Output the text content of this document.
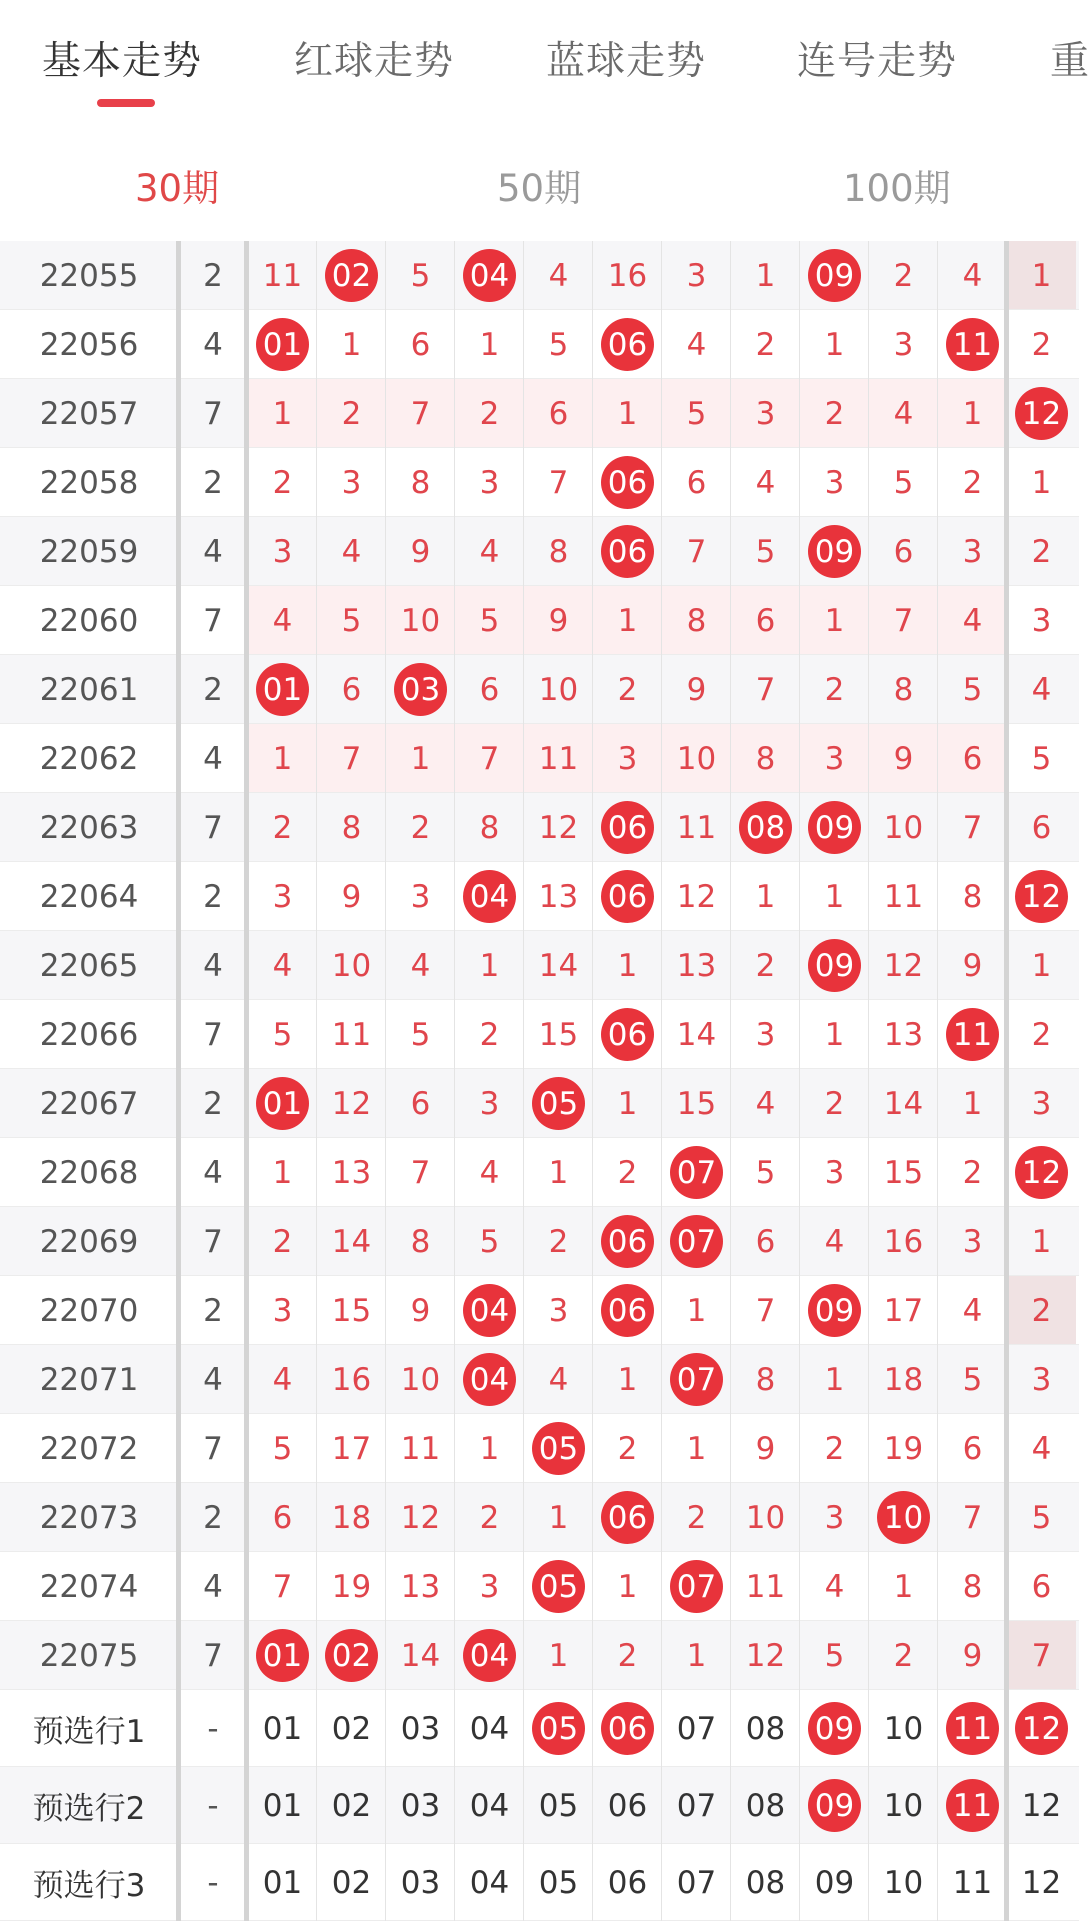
基本走势 红球走势 蓝球走势 连号走势 重
30期	50期	100期
22055	2	11 02 5 04 4 16 3 1 09 2 4 1
22056	4	01 1 6 1 5 06 4 2 1 3 11 2
22057	7	1 2 7 2 6 1 5 3 2 4 1 12
22058	2	2 3 8 3 7 06 6 4 3 5 2 1
22059	4	3 4 9 4 8 06 7 5 09 6 3 2
22060	7	4 5 10 5 9 1 8 6 1 7 4 3
22061	2	01 6 03 6 10 2 9 7 2 8 5 4
22062	4	1 7 1 7 11 3 10 8 3 9 6 5
22063	7	2 8 2 8 12 06 11 08 09 10 7 6
22064	2	3 9 3 04 13 06 12 1 1 11 8 12
22065	4	4 10 4 1 14 1 13 2 09 12 9 1
22066	7	5 11 5 2 15 06 14 3 1 13 11 2
22067	2	01 12 6 3 05 1 15 4 2 14 1 3
22068	4	1 13 7 4 1 2 07 5 3 15 2 12
22069	7	2 14 8 5 2 06 07 6 4 16 3 1
22070	2	3 15 9 04 3 06 1 7 09 17 4 2
22071	4	4 16 10 04 4 1 07 8 1 18 5 3
22072	7	5 17 11 1 05 2 1 9 2 19 6 4
22073	2	6 18 12 2 1 06 2 10 3 10 7 5
22074	4	7 19 13 3 05 1 07 11 4 1 8 6
22075	7	01 02 14 04 1 2 1 12 5 2 9 7
预选行1	-	01 02 03 04 05 06 07 08 09 10 11 12
预选行2	-	01 02 03 04 05 06 07 08 09 10 11 12
预选行3	-	01 02 03 04 05 06 07 08 09 10 11 12
